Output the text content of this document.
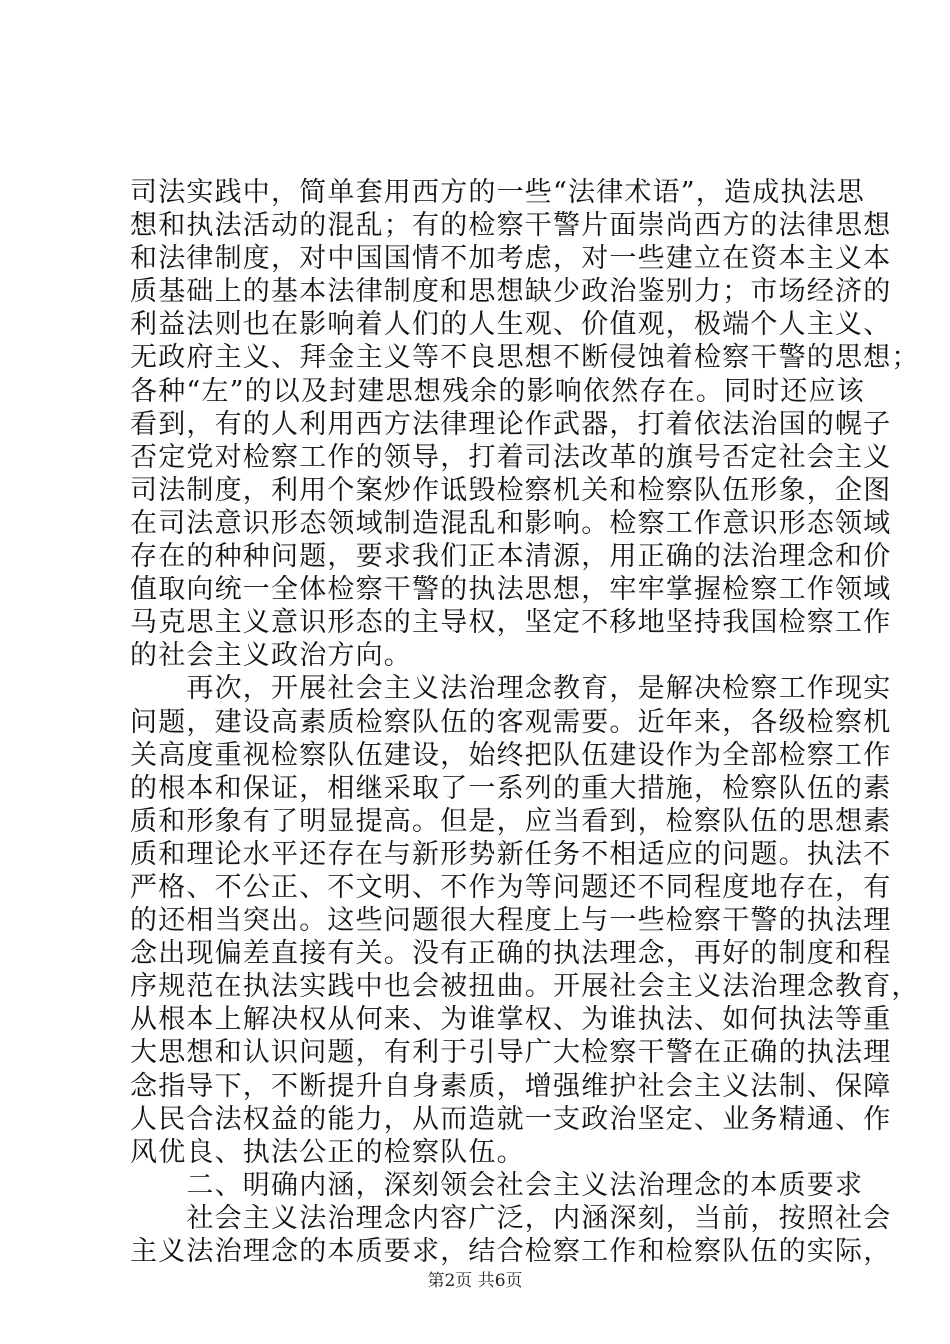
司法实践中，简单套用西方的一些“法律术语”，造成执法思
想和执法活动的混乱；有的检察干警片面崇尚西方的法律思想
和法律制度，对中国国情不加考虑，对一些建立在资本主义本
质基础上的基本法律制度和思想缺少政治鉴别力；市场经济的
利益法则也在影响着人们的人生观、价值观，极端个人主义、
无政府主义、拜金主义等不良思想不断侵蚀着检察干警的思想；
各种“左”的以及封建思想残余的影响依然存在。同时还应该
看到，有的人利用西方法律理论作武器，打着依法治国的幌子
否定党对检察工作的领导，打着司法改革的旗号否定社会主义
司法制度，利用个案炒作诋毁检察机关和检察队伍形象，企图
在司法意识形态领域制造混乱和影响。检察工作意识形态领域
存在的种种问题，要求我们正本清源，用正确的法治理念和价
值取向统一全体检察干警的执法思想，牢牢掌握检察工作领域
马克思主义意识形态的主导权，坚定不移地坚持我国检察工作
的社会主义政治方向。
　　再次，开展社会主义法治理念教育，是解决检察工作现实
问题，建设高素质检察队伍的客观需要。近年来，各级检察机
关高度重视检察队伍建设，始终把队伍建设作为全部检察工作
的根本和保证，相继采取了一系列的重大措施，检察队伍的素
质和形象有了明显提高。但是，应当看到，检察队伍的思想素
质和理论水平还存在与新形势新任务不相适应的问题。执法不
严格、不公正、不文明、不作为等问题还不同程度地存在，有
的还相当突出。这些问题很大程度上与一些检察干警的执法理
念出现偏差直接有关。没有正确的执法理念，再好的制度和程
序规范在执法实践中也会被扭曲。开展社会主义法治理念教育，
从根本上解决权从何来、为谁掌权、为谁执法、如何执法等重
大思想和认识问题，有利于引导广大检察干警在正确的执法理
念指导下，不断提升自身素质，增强维护社会主义法制、保障
人民合法权益的能力，从而造就一支政治坚定、业务精通、作
风优良、执法公正的检察队伍。
　　二、明确内涵，深刻领会社会主义法治理念的本质要求
　　社会主义法治理念内容广泛，内涵深刻，当前，按照社会
主义法治理念的本质要求，结合检察工作和检察队伍的实际，
第2页 共6页
